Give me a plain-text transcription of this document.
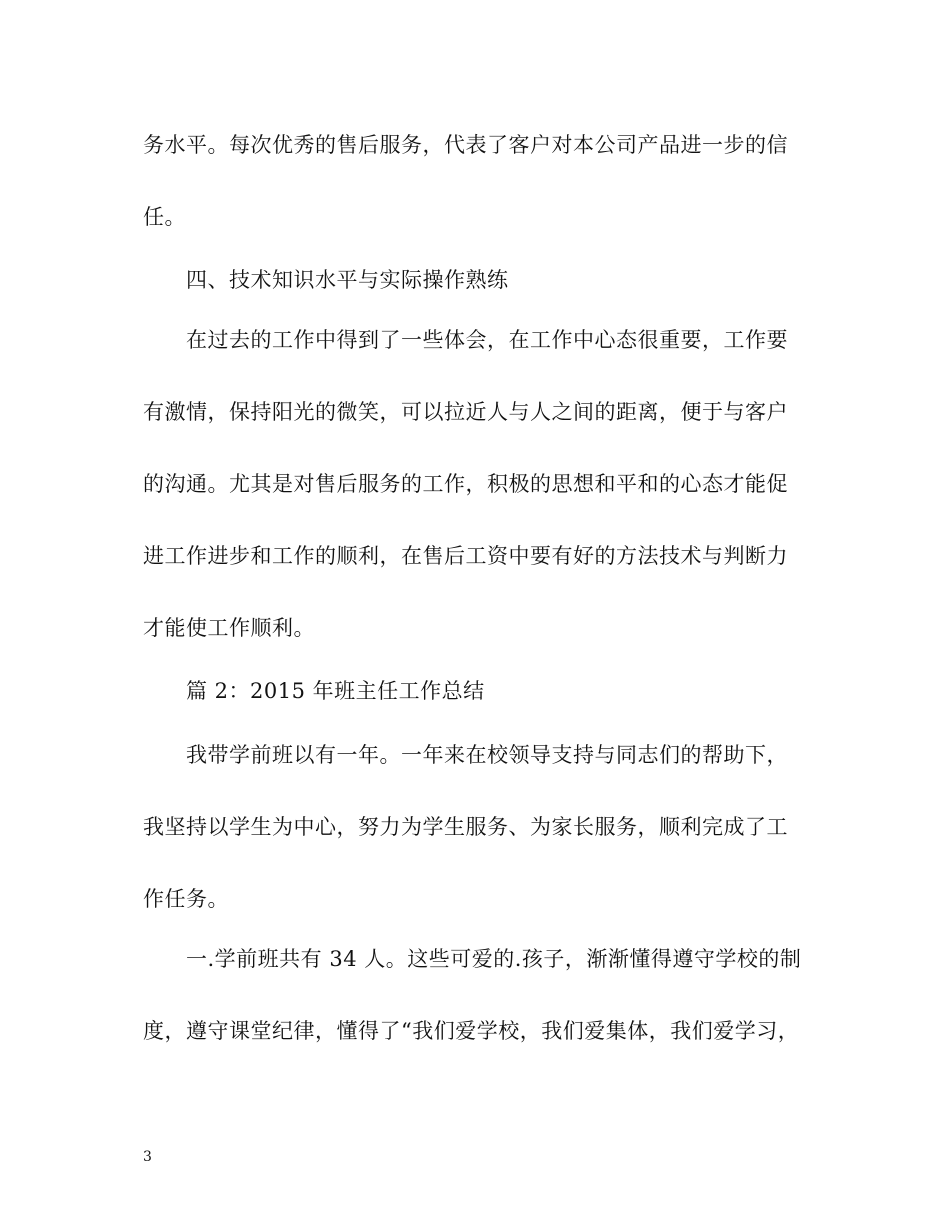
务水平。每次优秀的售后服务，代表了客户对本公司产品进一步的信
任。
四、技术知识水平与实际操作熟练
在过去的工作中得到了一些体会，在工作中心态很重要，工作要
有激情，保持阳光的微笑，可以拉近人与人之间的距离，便于与客户
的沟通。尤其是对售后服务的工作，积极的思想和平和的心态才能促
进工作进步和工作的顺利，在售后工资中要有好的方法技术与判断力
才能使工作顺利。
篇 2：2015 年班主任工作总结
我带学前班以有一年。一年来在校领导支持与同志们的帮助下，
我坚持以学生为中心，努力为学生服务、为家长服务，顺利完成了工
作任务。
一.学前班共有 34 人。这些可爱的.孩子，渐渐懂得遵守学校的制
度，遵守课堂纪律，懂得了“我们爱学校，我们爱集体，我们爱学习，
3
